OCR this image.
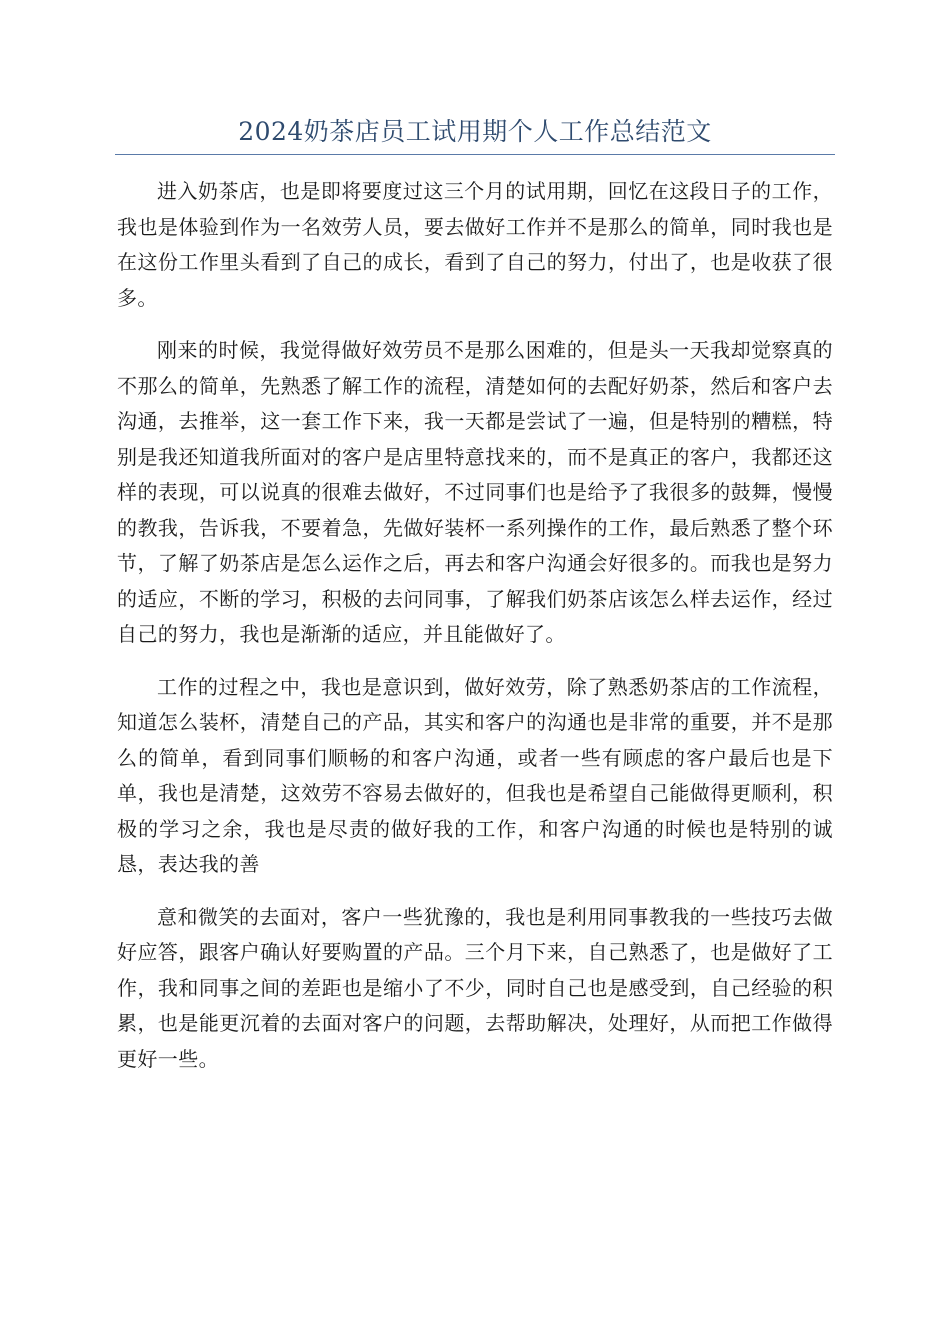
2024奶茶店员工试用期个人工作总结范文

进入奶茶店，也是即将要度过这三个月的试用期，回忆在这段日子的工作，我也是体验到作为一名效劳人员，要去做好工作并不是那么的简单，同时我也是在这份工作里头看到了自己的成长，看到了自己的努力，付出了，也是收获了很多。

刚来的时候，我觉得做好效劳员不是那么困难的，但是头一天我却觉察真的不那么的简单，先熟悉了解工作的流程，清楚如何的去配好奶茶，然后和客户去沟通，去推举，这一套工作下来，我一天都是尝试了一遍，但是特别的糟糕，特别是我还知道我所面对的客户是店里特意找来的，而不是真正的客户，我都还这样的表现，可以说真的很难去做好，不过同事们也是给予了我很多的鼓舞，慢慢的教我，告诉我，不要着急，先做好装杯一系列操作的工作，最后熟悉了整个环节，了解了奶茶店是怎么运作之后，再去和客户沟通会好很多的。而我也是努力的适应，不断的学习，积极的去问同事，了解我们奶茶店该怎么样去运作，经过自己的努力，我也是渐渐的适应，并且能做好了。

工作的过程之中，我也是意识到，做好效劳，除了熟悉奶茶店的工作流程，知道怎么装杯，清楚自己的产品，其实和客户的沟通也是非常的重要，并不是那么的简单，看到同事们顺畅的和客户沟通，或者一些有顾虑的客户最后也是下单，我也是清楚，这效劳不容易去做好的，但我也是希望自己能做得更顺利，积极的学习之余，我也是尽责的做好我的工作，和客户沟通的时候也是特别的诚恳，表达我的善

意和微笑的去面对，客户一些犹豫的，我也是利用同事教我的一些技巧去做好应答，跟客户确认好要购置的产品。三个月下来，自己熟悉了，也是做好了工作，我和同事之间的差距也是缩小了不少，同时自己也是感受到，自己经验的积累，也是能更沉着的去面对客户的问题，去帮助解决，处理好，从而把工作做得更好一些。
